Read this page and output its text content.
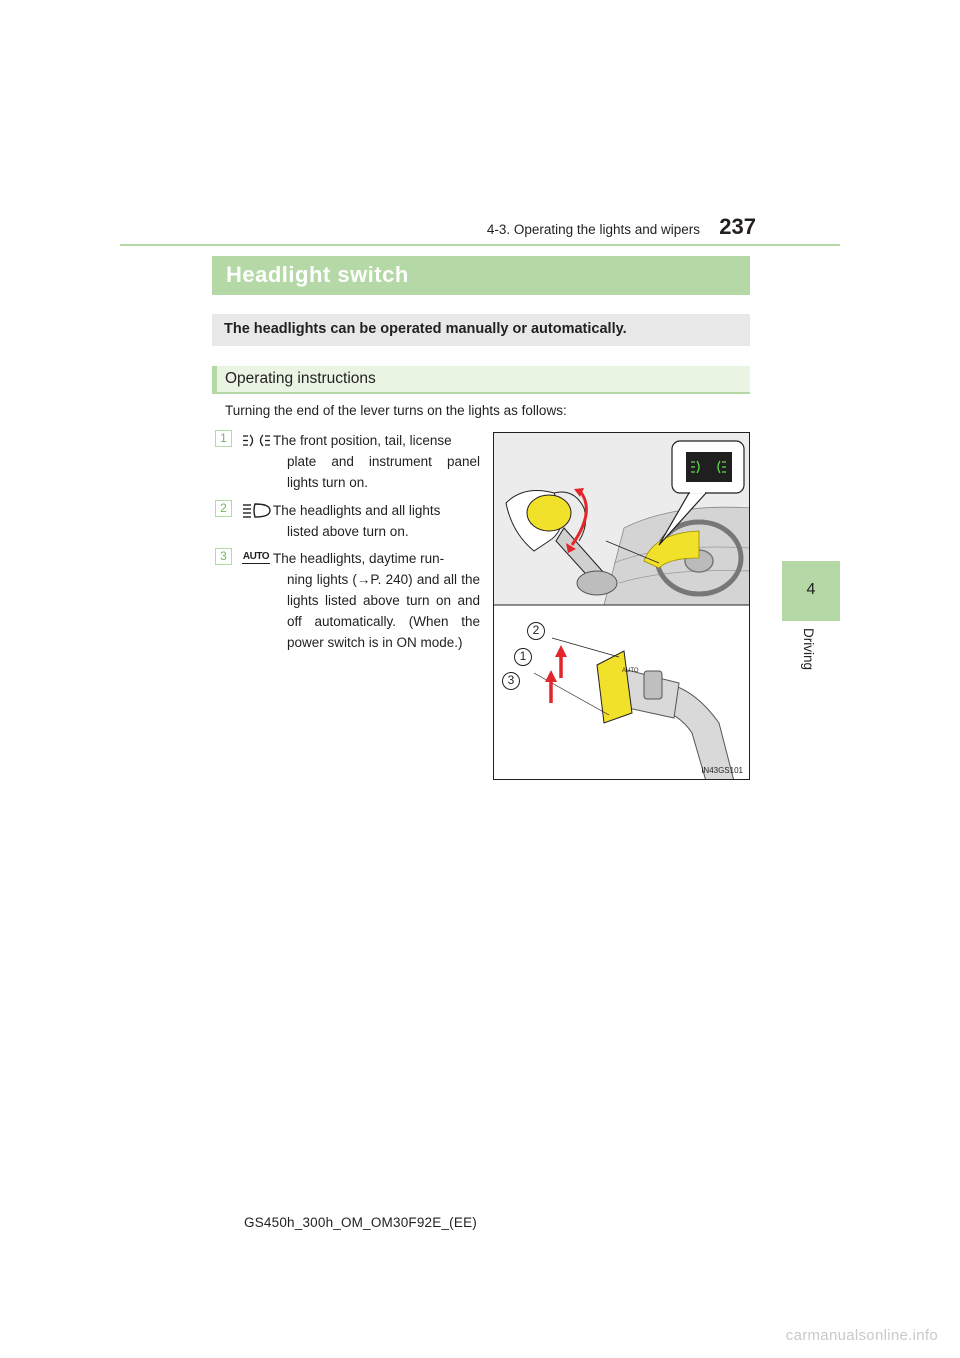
4-3. Operating the lights and wipers 237
4
Driving
Headlight switch

The headlights can be operated manually or automatically.

Operating instructions

Turning the end of the lever turns on the lights as follows:

1	The front position, tail, license
plate and instrument panel lights turn on.
2	The headlights and all lights
listed above turn on.
3	AUTO The headlights, daytime run-
ning lights (→P. 240) and all the lights listed above turn on and off automatically. (When the power switch is in ON mode.)
AUTO
2
1
3
IN43GS101

GS450h_300h_OM_OM30F92E_(EE)

carmanualsonline.info
